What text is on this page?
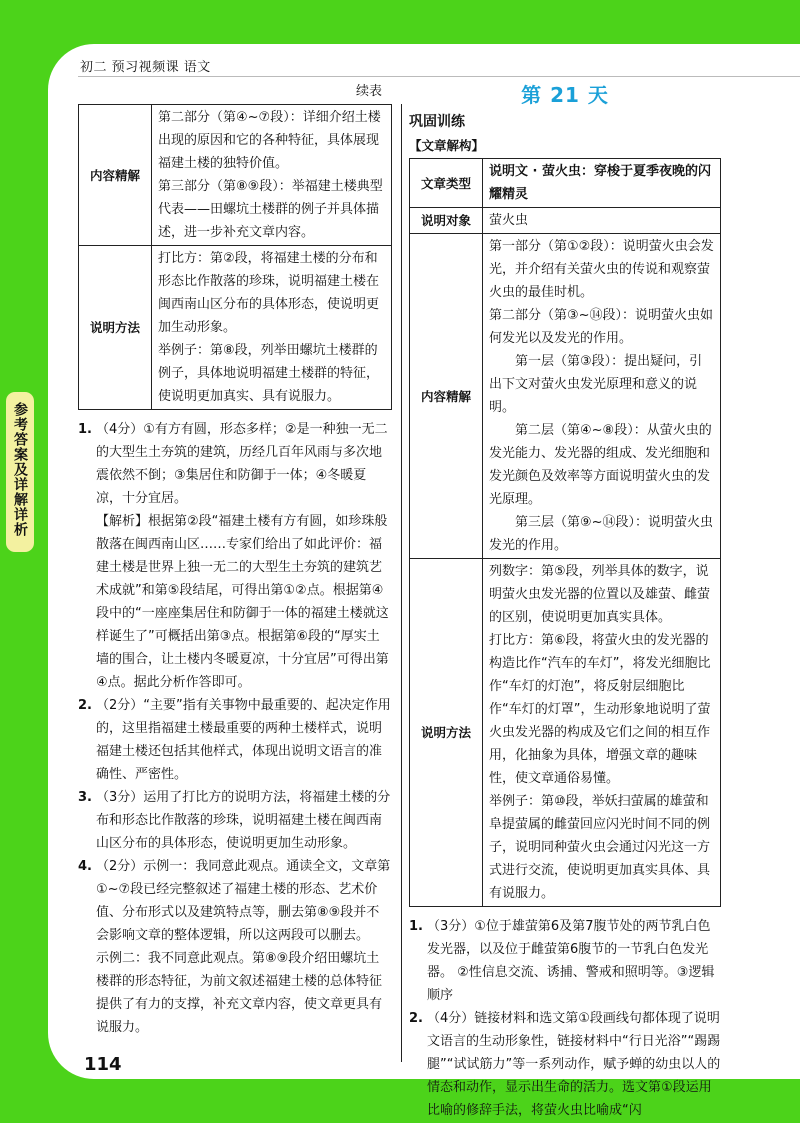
参考答案及详解详析
初二 预习视频课 语文
续表
内容精解	第二部分（第④~⑦段）：详细介绍土楼出现的原因和它的各种特征，具体展现福建土楼的独特价值。
第三部分（第⑧⑨段）：举福建土楼典型代表——田螺坑土楼群的例子并具体描述，进一步补充文章内容。

说明方法	打比方：第②段，将福建土楼的分布和形态比作散落的珍珠，说明福建土楼在闽西南山区分布的具体形态，使说明更加生动形象。
举例子：第⑧段，列举田螺坑土楼群的例子，具体地说明福建土楼群的特征，使说明更加真实、具有说服力。
1. （4分）①有方有圆，形态多样；②是一种独一无二的大型生土夯筑的建筑，历经几百年风雨与多次地震依然不倒；③集居住和防御于一体；④冬暖夏凉，十分宜居。
【解析】根据第②段“福建土楼有方有圆，如珍珠般散落在闽西南山区……专家们给出了如此评价：福建土楼是世界上独一无二的大型生土夯筑的建筑艺术成就”和第⑤段结尾，可得出第①②点。根据第④段中的“一座座集居住和防御于一体的福建土楼就这样诞生了”可概括出第③点。根据第⑥段的“厚实土墙的围合，让土楼内冬暖夏凉，十分宜居”可得出第④点。据此分析作答即可。
2. （2分）“主要”指有关事物中最重要的、起决定作用的，这里指福建土楼最重要的两种土楼样式，说明福建土楼还包括其他样式，体现出说明文语言的准确性、严密性。
3. （3分）运用了打比方的说明方法，将福建土楼的分布和形态比作散落的珍珠，说明福建土楼在闽西南山区分布的具体形态，使说明更加生动形象。
4. （2分）示例一：我同意此观点。通读全文，文章第①~⑦段已经完整叙述了福建土楼的形态、艺术价值、分布形式以及建筑特点等，删去第⑧⑨段并不会影响文章的整体逻辑，所以这两段可以删去。
示例二：我不同意此观点。第⑧⑨段介绍田螺坑土楼群的形态特征，为前文叙述福建土楼的总体特征提供了有力的支撑，补充文章内容，使文章更具有说服力。
第 21 天
巩固训练
【文章解构】
文章类型	说明文 · 萤火虫：穿梭于夏季夜晚的闪耀精灵
说明对象	萤火虫
内容精解	第一部分（第①②段）：说明萤火虫会发光，并介绍有关萤火虫的传说和观察萤火虫的最佳时机。
第二部分（第③~⑭段）：说明萤火虫如何发光以及发光的作用。
第一层（第③段）：提出疑问，引出下文对萤火虫发光原理和意义的说明。
第二层（第④~⑧段）：从萤火虫的发光能力、发光器的组成、发光细胞和发光颜色及效率等方面说明萤火虫的发光原理。
第三层（第⑨~⑭段）：说明萤火虫发光的作用。

说明方法	列数字：第⑤段，列举具体的数字，说明萤火虫发光器的位置以及雄萤、雌萤的区别，使说明更加真实具体。
打比方：第⑥段，将萤火虫的发光器的构造比作“汽车的车灯”，将发光细胞比作“车灯的灯泡”，将反射层细胞比作“车灯的灯罩”，生动形象地说明了萤火虫发光器的构成及它们之间的相互作用，化抽象为具体，增强文章的趣味性，使文章通俗易懂。
举例子：第⑩段，举妖扫萤属的雄萤和阜提萤属的雌萤回应闪光时间不同的例子，说明同种萤火虫会通过闪光这一方式进行交流，使说明更加真实具体、具有说服力。
1. （3分）①位于雄萤第6及第7腹节处的两节乳白色发光器，以及位于雌萤第6腹节的一节乳白色发光器。 ②性信息交流、诱捕、警戒和照明等。③逻辑顺序
2. （4分）链接材料和选文第①段画线句都体现了说明文语言的生动形象性，链接材料中“行日光浴”“踢踢腿”“试试筋力”等一系列动作，赋予蝉的幼虫以人的情态和动作，显示出生命的活力。选文第①段运用比喻的修辞手法，将萤火虫比喻成“闪
114
